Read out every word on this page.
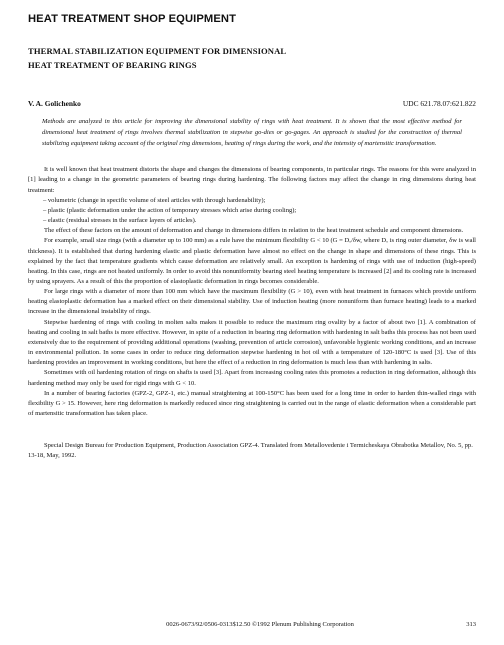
HEAT TREATMENT SHOP EQUIPMENT

THERMAL STABILIZATION EQUIPMENT FOR DIMENSIONAL

HEAT TREATMENT OF BEARING RINGS

V. A. Golichenko	UDC 621.78.07:621.822

Methods are analyzed in this article for improving the dimensional stability of rings with heat treatment. It is shown that the most effective method for dimensional heat treatment of rings involves thermal stabilization in stepwise go-dies or go-gages. An approach is studied for the construction of thermal stabilizing equipment taking account of the original ring dimensions, heating of rings during the work, and the intensity of martensitic transformation.

It is well known that heat treatment distorts the shape and changes the dimensions of bearing components, in particular rings. The reasons for this were analyzed in [1] leading to a change in the geometric parameters of bearing rings during hardening. The following factors may affect the change in ring dimensions during heat treatment:

– volumetric (change in specific volume of steel articles with through hardenability);

– plastic (plastic deformation under the action of temporary stresses which arise during cooling);

– elastic (residual stresses in the surface layers of articles).

The effect of these factors on the amount of deformation and change in dimensions differs in relation to the heat treatment schedule and component dimensions.

For example, small size rings (with a diameter up to 100 mm) as a rule have the minimum flexibility G < 10 (G = Dₒ/δw, where Dₒ is ring outer diameter, δw is wall thickness). It is established that during hardening elastic and plastic deformation have almost no effect on the change in shape and dimensions of these rings. This is explained by the fact that temperature gradients which cause deformation are relatively small. An exception is hardening of rings with use of induction (high-speed) heating. In this case, rings are not heated uniformly. In order to avoid this nonuniformity bearing steel heating temperature is increased [2] and its cooling rate is increased by using sprayers. As a result of this the proportion of elastoplastic deformation in rings becomes considerable.

For large rings with a diameter of more than 100 mm which have the maximum flexibility (G > 10), even with heat treatment in furnaces which provide uniform heating elastoplastic deformation has a marked effect on their dimensional stability. Use of induction heating (more nonuniform than furnace heating) leads to a marked increase in the dimensional instability of rings.

Stepwise hardening of rings with cooling in molten salts makes it possible to reduce the maximum ring ovality by a factor of about two [1]. A combination of heating and cooling in salt baths is more effective. However, in spite of a reduction in bearing ring deformation with hardening in salt baths this process has not been used extensively due to the requirement of providing additional operations (washing, prevention of article corrosion), unfavorable hygienic working conditions, and an increase in environmental pollution. In some cases in order to reduce ring deformation stepwise hardening in hot oil with a temperature of 120-180°C is used [3]. Use of this hardening provides an improvement in working conditions, but here the effect of a reduction in ring deformation is much less than with hardening in salts.

Sometimes with oil hardening rotation of rings on shafts is used [3]. Apart from increasing cooling rates this promotes a reduction in ring deformation, although this hardening method may only be used for rigid rings with G < 10.

In a number of bearing factories (GPZ-2, GPZ-1, etc.) manual straightening at 100-150°C has been used for a long time in order to harden thin-walled rings with flexibility G > 15. However, here ring deformation is markedly reduced since ring straightening is carried out in the range of elastic deformation when a considerable part of martensitic transformation has taken place.

Special Design Bureau for Production Equipment, Production Association GPZ-4. Translated from Metallovedenie i Termicheskaya Obrabotka Metallov, No. 5, pp. 13-18, May, 1992.

0026-0673/92/0506-0313$12.50 ©1992 Plenum Publishing Corporation	313
